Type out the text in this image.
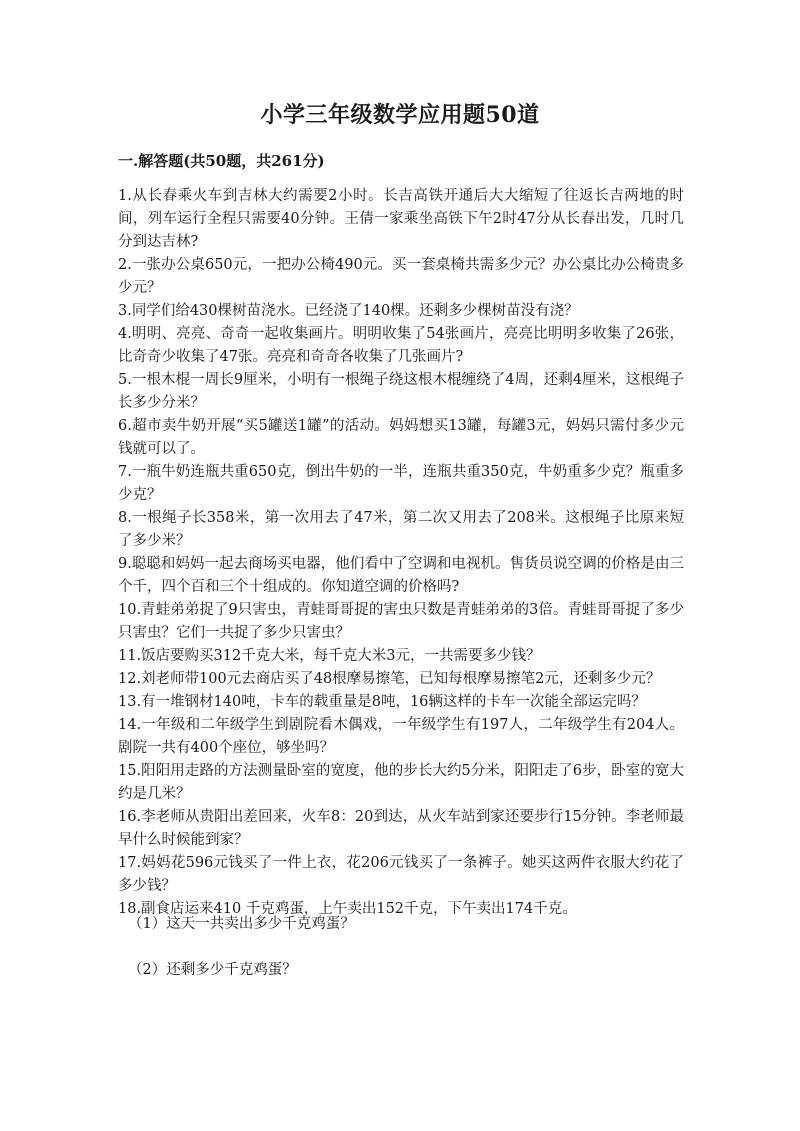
小学三年级数学应用题50道
一.解答题(共50题，共261分)

1.从长春乘火车到吉林大约需要2小时。长吉高铁开通后大大缩短了往返长吉两地的时间，列车运行全程只需要40分钟。王倩一家乘坐高铁下午2时47分从长春出发，几时几分到达吉林?

2.一张办公桌650元，一把办公椅490元。买一套桌椅共需多少元？办公桌比办公椅贵多少元？

3.同学们给430棵树苗浇水。已经浇了140棵。还剩多少棵树苗没有浇？

4.明明、亮亮、奇奇一起收集画片。明明收集了54张画片，亮亮比明明多收集了26张，比奇奇少收集了47张。亮亮和奇奇各收集了几张画片?

5.一根木棍一周长9厘米，小明有一根绳子绕这根木棍缠绕了4周，还剩4厘米，这根绳子长多少分米？

6.超市卖牛奶开展“买5罐送1罐”的活动。妈妈想买13罐，每罐3元，妈妈只需付多少元钱就可以了。

7.一瓶牛奶连瓶共重650克，倒出牛奶的一半，连瓶共重350克，牛奶重多少克？瓶重多少克？

8.一根绳子长358米，第一次用去了47米，第二次又用去了208米。这根绳子比原来短了多少米？

9.聪聪和妈妈一起去商场买电器，他们看中了空调和电视机。售货员说空调的价格是由三个千，四个百和三个十组成的。你知道空调的价格吗?

10.青蛙弟弟捉了9只害虫，青蛙哥哥捉的害虫只数是青蛙弟弟的3倍。青蛙哥哥捉了多少只害虫？它们一共捉了多少只害虫？

11.饭店要购买312千克大米，每千克大米3元，一共需要多少钱？

12.刘老师带100元去商店买了48根摩易擦笔，已知每根摩易擦笔2元，还剩多少元？

13.有一堆钢材140吨，卡车的载重量是8吨，16辆这样的卡车一次能全部运完吗？

14.一年级和二年级学生到剧院看木偶戏，一年级学生有197人，二年级学生有204人。剧院一共有400个座位，够坐吗？

15.阳阳用走路的方法测量卧室的宽度，他的步长大约5分米，阳阳走了6步，卧室的宽大约是几米？

16.李老师从贵阳出差回来，火车8：20到达，从火车站到家还要步行15分钟。李老师最早什么时候能到家？

17.妈妈花596元钱买了一件上衣，花206元钱买了一条裤子。她买这两件衣服大约花了多少钱？

18.副食店运来410 千克鸡蛋，上午卖出152千克，下午卖出174千克。

（1）这天一共卖出多少千克鸡蛋？

（2）还剩多少千克鸡蛋？
